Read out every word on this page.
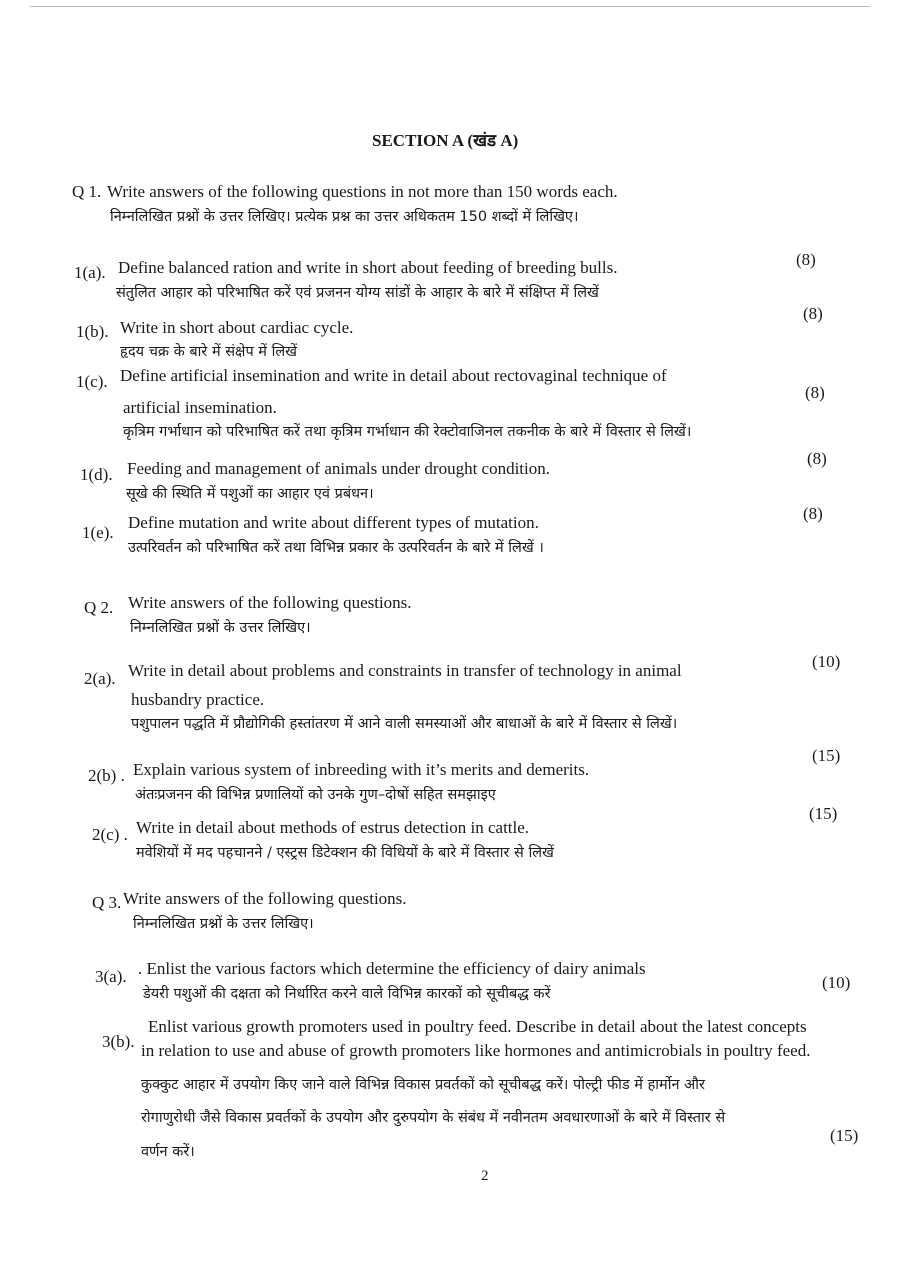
SECTION A (खंड A)
Q 1. Write answers of the following questions in not more than 150 words each.
निम्नलिखित प्रश्नों के उत्तर लिखिए। प्रत्येक प्रश्न का उत्तर अधिकतम 150 शब्दों में लिखिए।
1(a). Define balanced ration and write in short about feeding of breeding bulls.
संतुलित आहार को परिभाषित करें एवं प्रजनन योग्य सांडों के आहार के बारे में संक्षिप्त में लिखें
(8)
1(b). Write in short about cardiac cycle.
हृदय चक्र के बारे में संक्षेप में लिखें
(8)
1(c). Define artificial insemination and write in detail about rectovaginal technique of
artificial insemination.
कृत्रिम गर्भाधान को परिभाषित करें तथा कृत्रिम गर्भाधान की रेक्टोवाजिनल तकनीक के बारे में विस्तार से लिखें।
(8)
1(d). Feeding and management of animals under drought condition.
सूखे की स्थिति में पशुओं का आहार एवं प्रबंधन।
(8)
1(e).
Define mutation and write about different types of mutation.
उत्परिवर्तन को परिभाषित करें तथा विभिन्न प्रकार के उत्परिवर्तन के बारे में लिखें ।
(8)
Q 2. Write answers of the following questions.
निम्नलिखित प्रश्नों के उत्तर लिखिए।
2(a). Write in detail about problems and constraints in transfer of technology in animal
husbandry practice.
पशुपालन पद्धति में प्रौद्योगिकी हस्तांतरण में आने वाली समस्याओं और बाधाओं के बारे में विस्तार से लिखें।
(10)
2(b) . Explain various system of inbreeding with it’s merits and demerits.
अंतःप्रजनन की विभिन्न प्रणालियों को उनके गुण–दोषों सहित समझाइए
(15)
2(c) . Write in detail about methods of estrus detection in cattle.
मवेशियों में मद पहचानने / एस्ट्रस डिटेक्शन की विधियों के बारे में विस्तार से लिखें
(15)
Q 3. Write answers of the following questions.
निम्नलिखित प्रश्नों के उत्तर लिखिए।
3(a). . Enlist the various factors which determine the efficiency of dairy animals
डेयरी पशुओं की दक्षता को निर्धारित करने वाले विभिन्न कारकों को सूचीबद्ध करें
(10)
3(b).
Enlist various growth promoters used in poultry feed. Describe in detail about the latest concepts
in relation to use and abuse of growth promoters like hormones and antimicrobials in poultry feed.
कुक्कुट आहार में उपयोग किए जाने वाले विभिन्न विकास प्रवर्तकों को सूचीबद्ध करें। पोल्ट्री फीड में हार्मोन और
रोगाणुरोधी जैसे विकास प्रवर्तकों के उपयोग और दुरुपयोग के संबंध में नवीनतम अवधारणाओं के बारे में विस्तार से
वर्णन करें।
(15)
2
